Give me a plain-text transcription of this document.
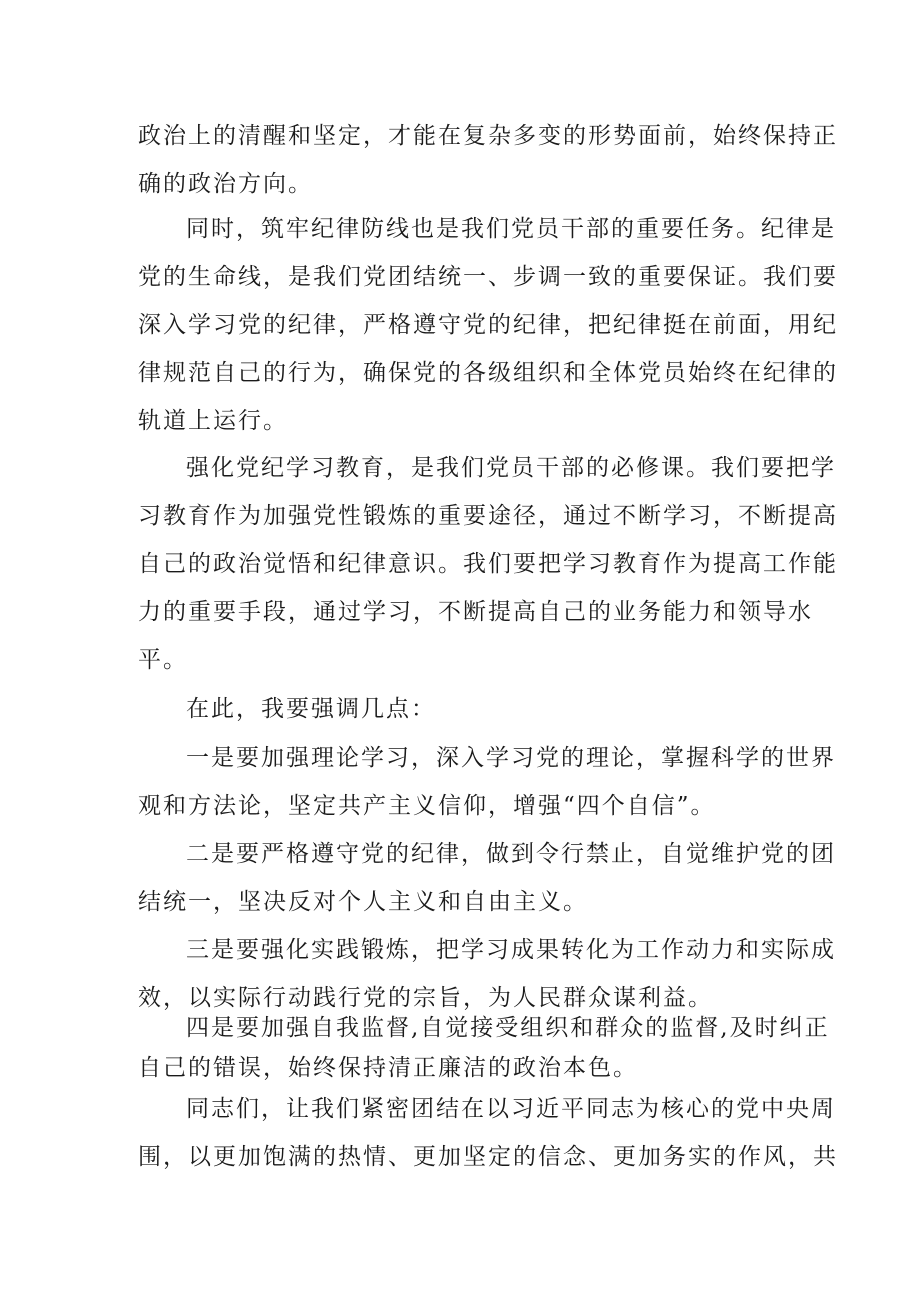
政治上的清醒和坚定，才能在复杂多变的形势面前，始终保持正
确的政治方向。
同时，筑牢纪律防线也是我们党员干部的重要任务。纪律是
党的生命线，是我们党团结统一、步调一致的重要保证。我们要
深入学习党的纪律，严格遵守党的纪律，把纪律挺在前面，用纪
律规范自己的行为，确保党的各级组织和全体党员始终在纪律的
轨道上运行。
强化党纪学习教育，是我们党员干部的必修课。我们要把学
习教育作为加强党性锻炼的重要途径，通过不断学习，不断提高
自己的政治觉悟和纪律意识。我们要把学习教育作为提高工作能
力的重要手段，通过学习，不断提高自己的业务能力和领导水
平。
在此，我要强调几点：
一是要加强理论学习，深入学习党的理论，掌握科学的世界
观和方法论，坚定共产主义信仰，增强“四个自信”。
二是要严格遵守党的纪律，做到令行禁止，自觉维护党的团
结统一，坚决反对个人主义和自由主义。
三是要强化实践锻炼，把学习成果转化为工作动力和实际成
效，以实际行动践行党的宗旨，为人民群众谋利益。
四是要加强自我监督,自觉接受组织和群众的监督,及时纠正
自己的错误，始终保持清正廉洁的政治本色。
同志们，让我们紧密团结在以习近平同志为核心的党中央周
围，以更加饱满的热情、更加坚定的信念、更加务实的作风，共
